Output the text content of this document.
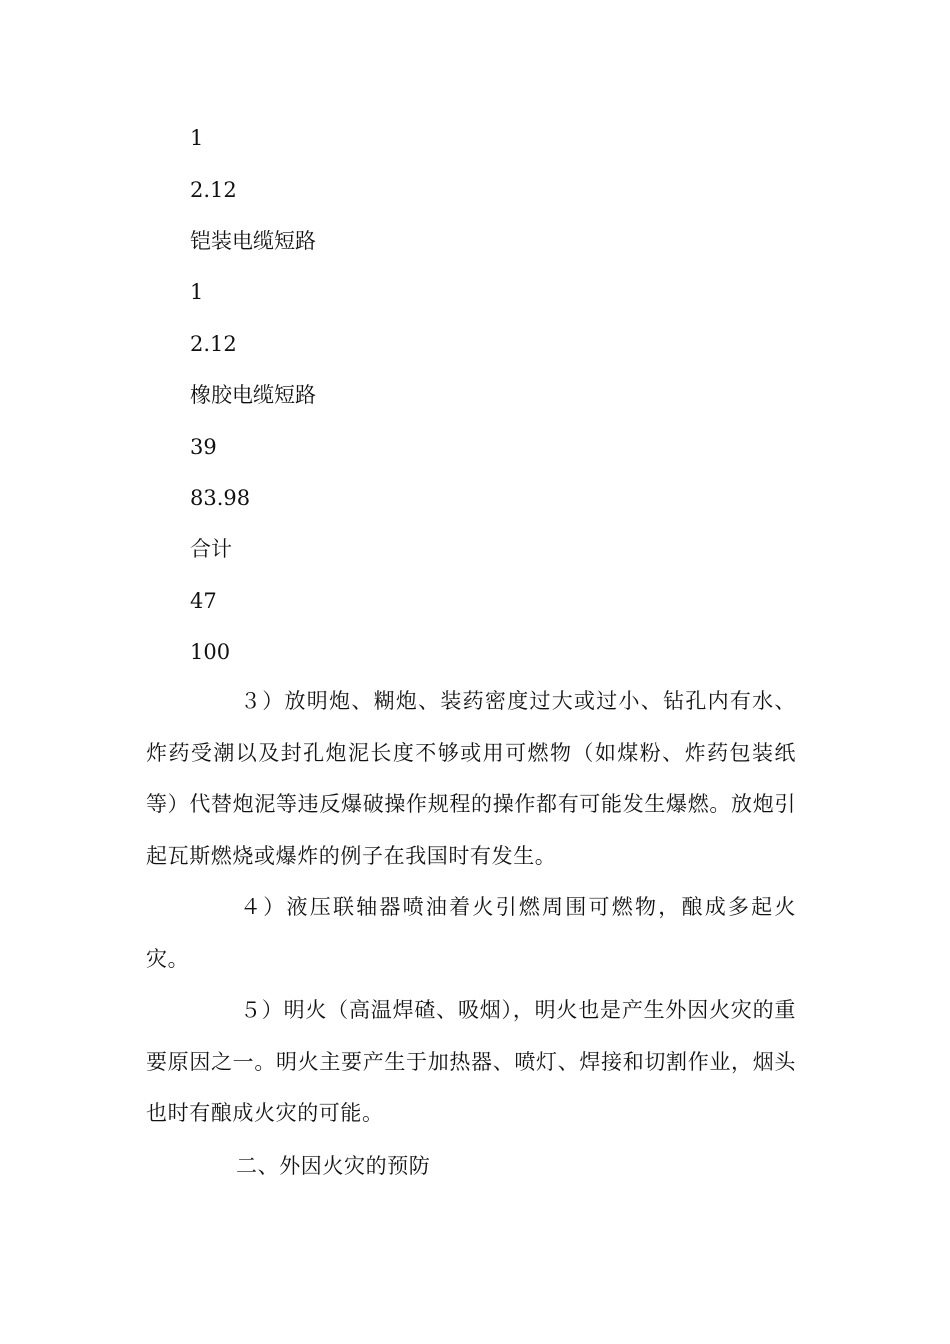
1
2.12
铠装电缆短路
1
2.12
橡胶电缆短路
39
83.98
合计
47
100

３）放明炮、糊炮、装药密度过大或过小、钻孔内有水、炸药受潮以及封孔炮泥长度不够或用可燃物（如煤粉、炸药包装纸等）代替炮泥等违反爆破操作规程的操作都有可能发生爆燃。放炮引起瓦斯燃烧或爆炸的例子在我国时有发生。

４）液压联轴器喷油着火引燃周围可燃物，酿成多起火灾。

５）明火（高温焊碴、吸烟），明火也是产生外因火灾的重要原因之一。明火主要产生于加热器、喷灯、焊接和切割作业，烟头也时有酿成火灾的可能。

二、外因火灾的预防
